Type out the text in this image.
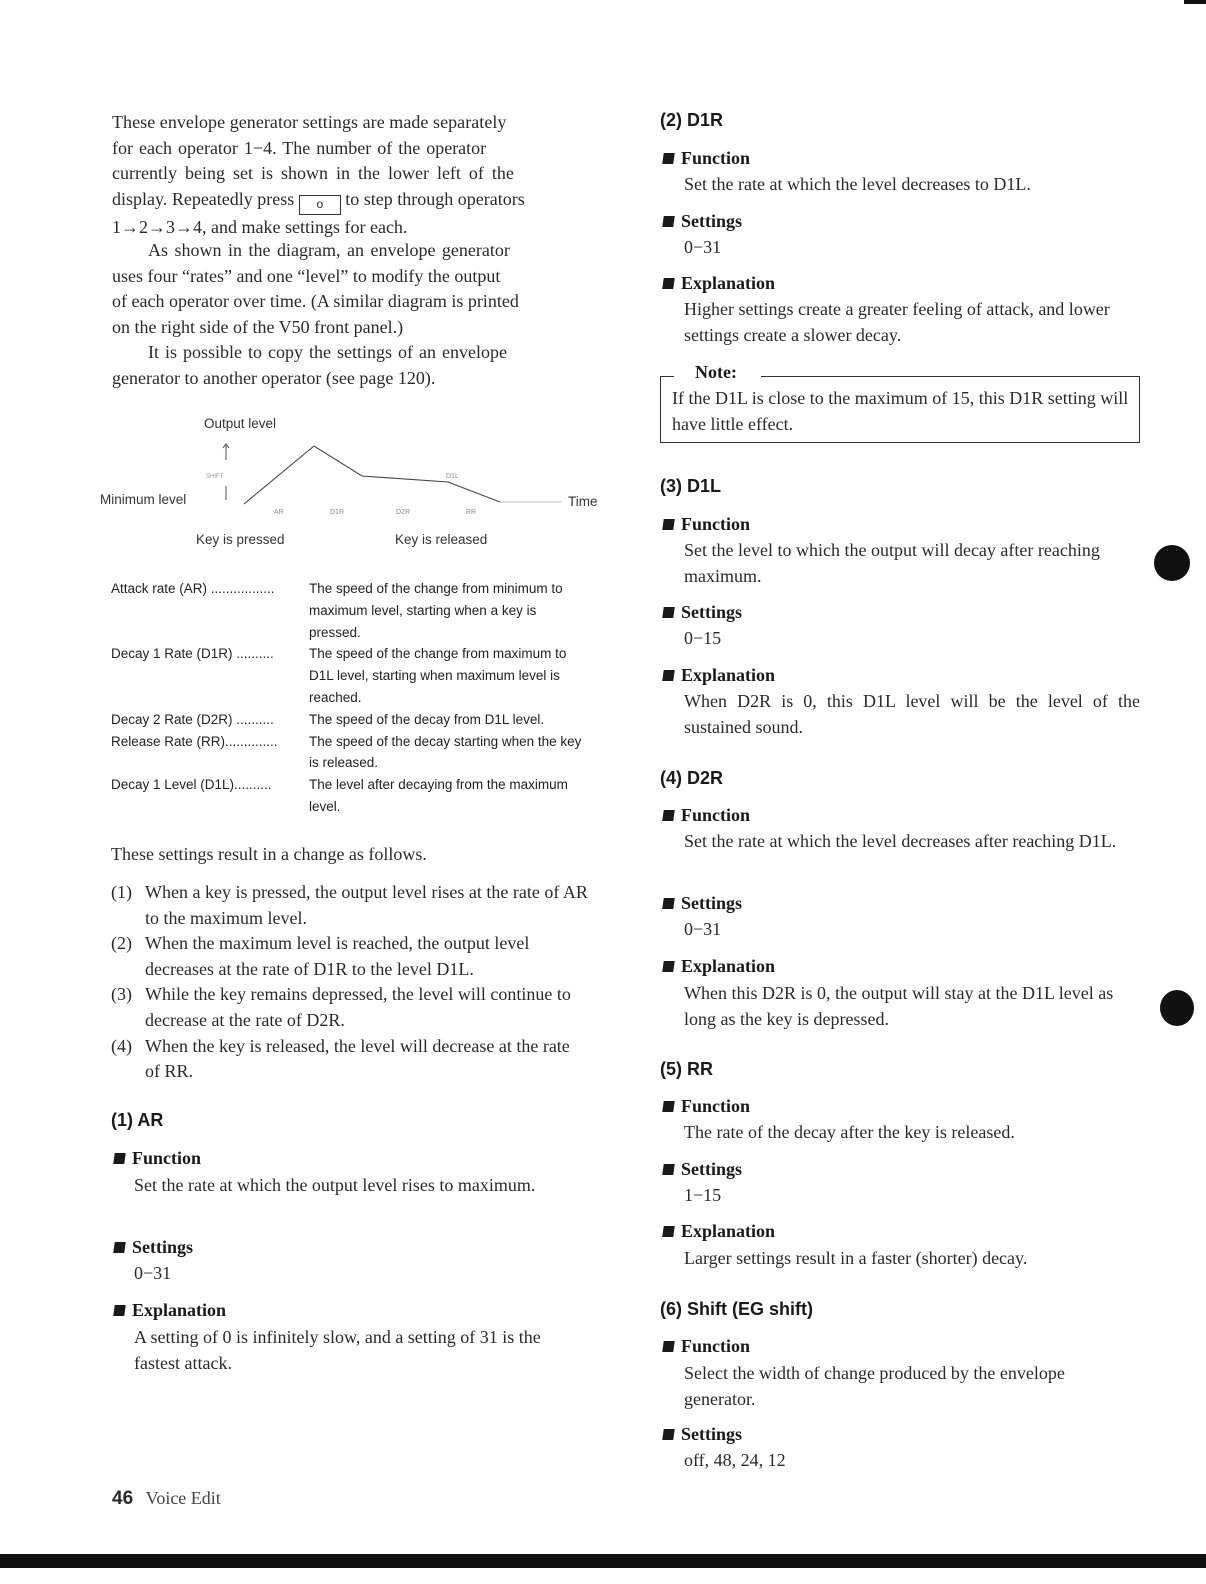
These envelope generator settings are made separately
for each operator 1−4. The number of the operator
currently being set is shown in the lower left of the
display. Repeatedly press o to step through operators
1→2→3→4, and make settings for each.
As shown in the diagram, an envelope generator
uses four “rates” and one “level” to modify the output
of each operator over time. (A similar diagram is printed
on the right side of the V50 front panel.)
It is possible to copy the settings of an envelope
generator to another operator (see page 120).
Output level
Minimum level	Time
Key is pressed	Key is released
SHIFT	D1L
AR	D1R	D2R	RR
Attack rate (AR) .................	The speed of the change from minimum to maximum level, starting when a key is pressed.
Decay 1 Rate (D1R) ..........	The speed of the change from maximum to D1L level, starting when maximum level is reached.
Decay 2 Rate (D2R) ..........	The speed of the decay from D1L level.
Release Rate (RR).............. The speed of the decay starting when the key is released.
Decay 1 Level (D1L)..........	The level after decaying from the maximum level.
These settings result in a change as follows.
(1) When a key is pressed, the output level rises at the rate of AR to the maximum level.
(2) When the maximum level is reached, the output level decreases at the rate of D1R to the level D1L.
(3) While the key remains depressed, the level will continue to decrease at the rate of D2R.
(4) When the key is released, the level will decrease at the rate of RR.
(1) AR
Function
Set the rate at which the output level rises to maximum.
Settings
0−31
Explanation
A setting of 0 is infinitely slow, and a setting of 31 is the fastest attack.
(2) D1R
Function
Set the rate at which the level decreases to D1L.
Settings
0−31
Explanation
Higher settings create a greater feeling of attack, and lower settings create a slower decay.
Note:
If the D1L is close to the maximum of 15, this D1R setting will have little effect.
(3) D1L
Function
Set the level to which the output will decay after reaching maximum.
Settings
0−15
Explanation
When D2R is 0, this D1L level will be the level of the sustained sound.
(4) D2R
Function
Set the rate at which the level decreases after reaching D1L.
Settings
0−31
Explanation
When this D2R is 0, the output will stay at the D1L level as long as the key is depressed.
(5) RR
Function
The rate of the decay after the key is released.
Settings
1−15
Explanation
Larger settings result in a faster (shorter) decay.
(6) Shift (EG shift)
Function
Select the width of change produced by the envelope generator.
Settings
off, 48, 24, 12
46 Voice Edit
